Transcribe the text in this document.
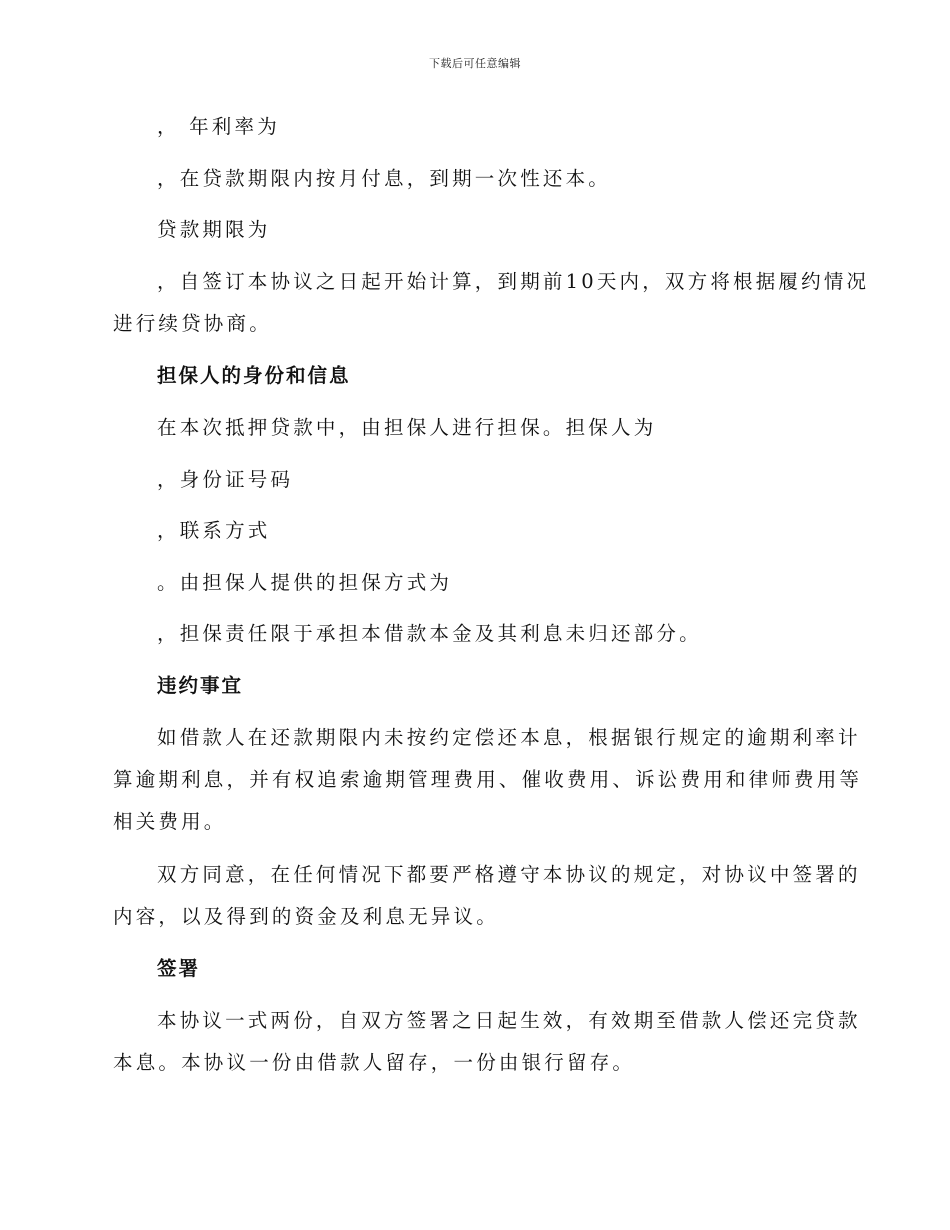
下载后可任意编辑
， 年利率为
，在贷款期限内按月付息，到期一次性还本。
贷款期限为
，自签订本协议之日起开始计算，到期前10天内，双方将根据履约情况
进行续贷协商。
担保人的身份和信息
在本次抵押贷款中，由担保人进行担保。担保人为
，身份证号码
，联系方式
。由担保人提供的担保方式为
，担保责任限于承担本借款本金及其利息未归还部分。
违约事宜
如借款人在还款期限内未按约定偿还本息，根据银行规定的逾期利率计
算逾期利息，并有权追索逾期管理费用、催收费用、诉讼费用和律师费用等
相关费用。
双方同意，在任何情况下都要严格遵守本协议的规定，对协议中签署的
内容，以及得到的资金及利息无异议。
签署
本协议一式两份，自双方签署之日起生效，有效期至借款人偿还完贷款
本息。本协议一份由借款人留存，一份由银行留存。
